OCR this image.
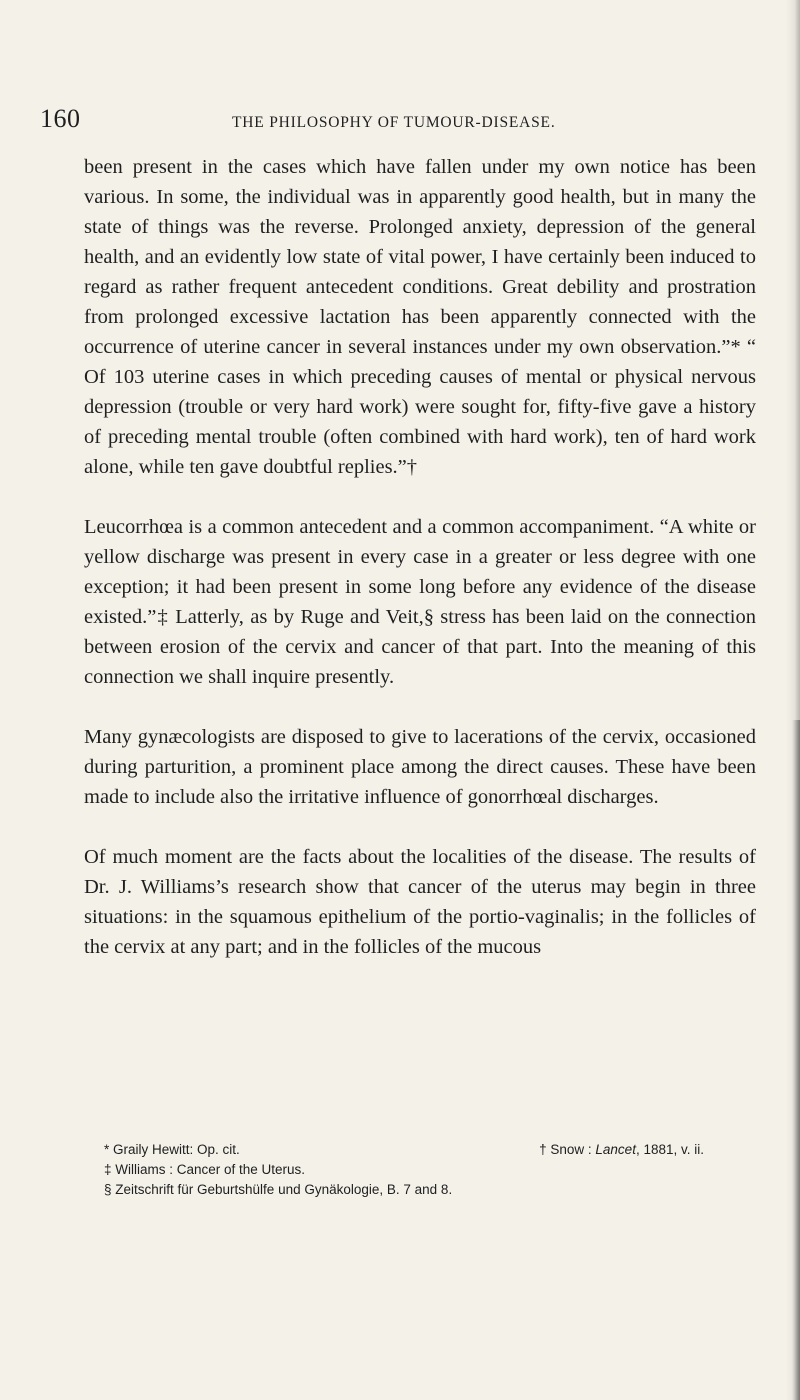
160	THE PHILOSOPHY OF TUMOUR-DISEASE.

been present in the cases which have fallen under my own notice has been various. In some, the individual was in apparently good health, but in many the state of things was the reverse. Prolonged anxiety, depression of the general health, and an evidently low state of vital power, I have certainly been induced to regard as rather frequent antecedent conditions. Great debility and prostration from prolonged excessive lactation has been apparently connected with the occurrence of uterine cancer in several instances under my own observation.”* “ Of 103 uterine cases in which preceding causes of mental or physical nervous depression (trouble or very hard work) were sought for, fifty-five gave a history of preceding mental trouble (often combined with hard work), ten of hard work alone, while ten gave doubtful replies.”†

Leucorrhœa is a common antecedent and a common accompaniment. “A white or yellow discharge was present in every case in a greater or less degree with one exception; it had been present in some long before any evidence of the disease existed.”‡ Latterly, as by Ruge and Veit,§ stress has been laid on the connection between erosion of the cervix and cancer of that part. Into the meaning of this connection we shall inquire presently.

Many gynæcologists are disposed to give to lacerations of the cervix, occasioned during parturition, a prominent place among the direct causes. These have been made to include also the irritative influence of gonorrhœal discharges.

Of much moment are the facts about the localities of the disease. The results of Dr. J. Williams’s research show that cancer of the uterus may begin in three situations: in the squamous epithelium of the portio-vaginalis; in the follicles of the cervix at any part; and in the follicles of the mucous

* Graily Hewitt: Op. cit.	† Snow : Lancet, 1881, v. ii.
‡ Williams : Cancer of the Uterus.
§ Zeitschrift für Geburtshülfe und Gynäkologie, B. 7 and 8.
